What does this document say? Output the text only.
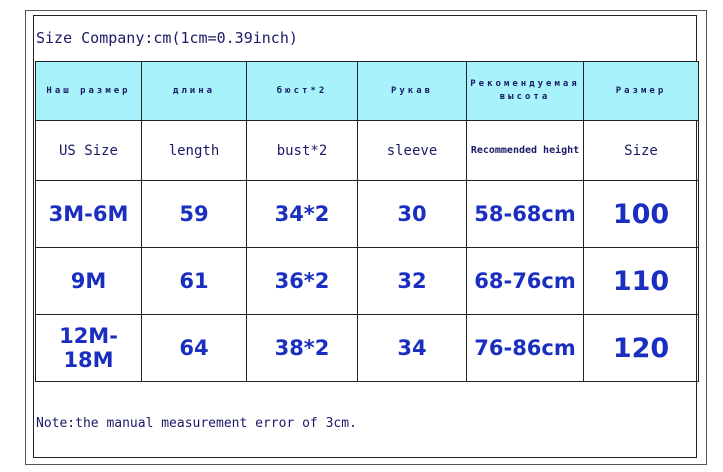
Size Company:cm(1cm=0.39inch)
Наш размер	длина	бюст*2	Рукав	Рекомендуемая высота	Размер
US Size	length	bust*2	sleeve	Recommended height	Size
3M-6M	59	34*2	30	58-68cm	100
9M	61	36*2	32	68-76cm	110
12M-18M	64	38*2	34	76-86cm	120
Note:the manual measurement error of 3cm.
